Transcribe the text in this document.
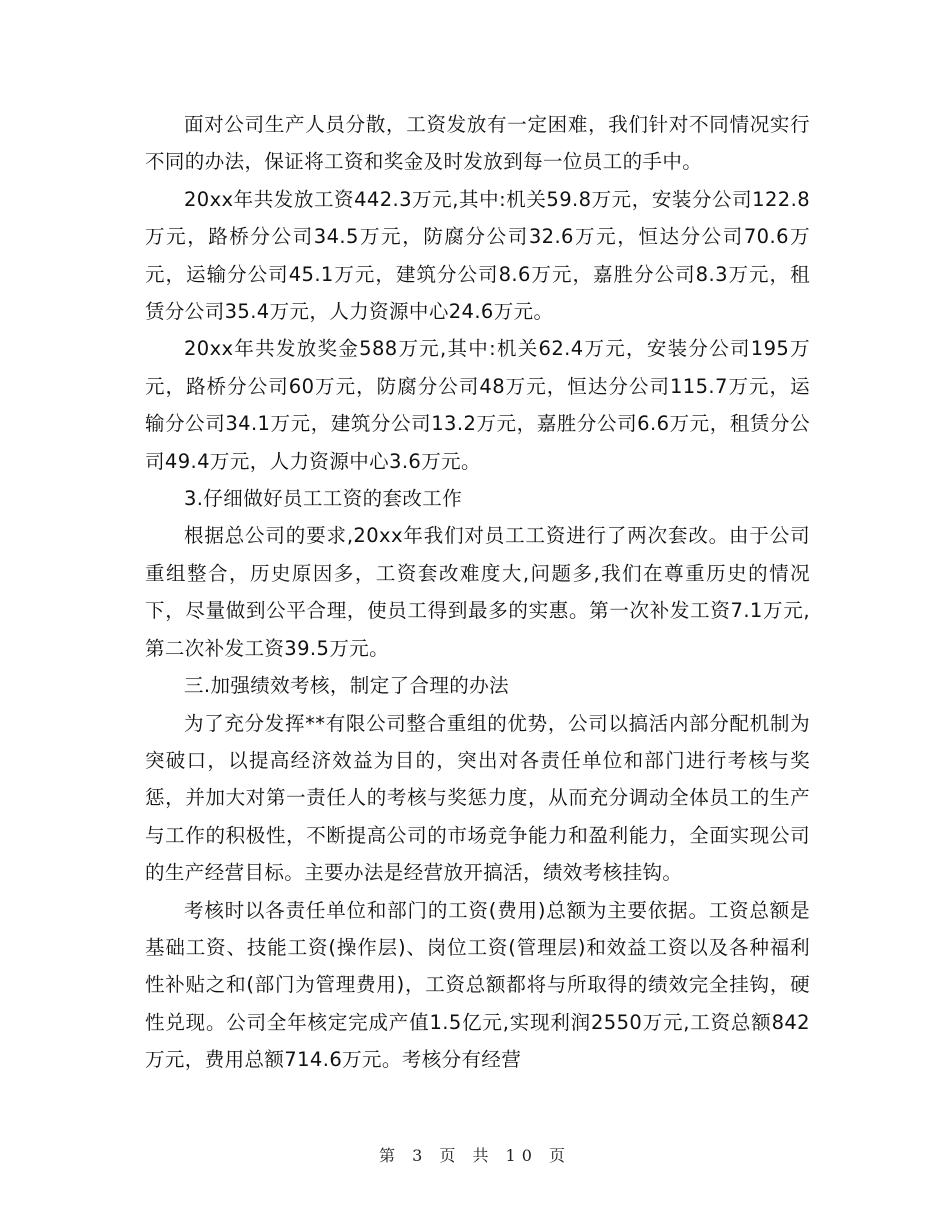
面对公司生产人员分散，工资发放有一定困难，我们针对不同情况实行不同的办法，保证将工资和奖金及时发放到每一位员工的手中。

20xx年共发放工资442.3万元,其中:机关59.8万元，安装分公司122.8万元，路桥分公司34.5万元，防腐分公司32.6万元，恒达分公司70.6万元，运输分公司45.1万元，建筑分公司8.6万元，嘉胜分公司8.3万元，租赁分公司35.4万元，人力资源中心24.6万元。

20xx年共发放奖金588万元,其中:机关62.4万元，安装分公司195万元，路桥分公司60万元，防腐分公司48万元，恒达分公司115.7万元，运输分公司34.1万元，建筑分公司13.2万元，嘉胜分公司6.6万元，租赁分公司49.4万元，人力资源中心3.6万元。

3.仔细做好员工工资的套改工作

根据总公司的要求,20xx年我们对员工工资进行了两次套改。由于公司重组整合，历史原因多，工资套改难度大,问题多,我们在尊重历史的情况下，尽量做到公平合理，使员工得到最多的实惠。第一次补发工资7.1万元,第二次补发工资39.5万元。

三.加强绩效考核，制定了合理的办法

为了充分发挥**有限公司整合重组的优势，公司以搞活内部分配机制为突破口，以提高经济效益为目的，突出对各责任单位和部门进行考核与奖惩，并加大对第一责任人的考核与奖惩力度，从而充分调动全体员工的生产与工作的积极性，不断提高公司的市场竞争能力和盈利能力，全面实现公司的生产经营目标。主要办法是经营放开搞活，绩效考核挂钩。

考核时以各责任单位和部门的工资(费用)总额为主要依据。工资总额是基础工资、技能工资(操作层)、岗位工资(管理层)和效益工资以及各种福利性补贴之和(部门为管理费用)，工资总额都将与所取得的绩效完全挂钩，硬性兑现。公司全年核定完成产值1.5亿元,实现利润2550万元,工资总额842万元，费用总额714.6万元。考核分有经营

第 3 页 共 10 页
